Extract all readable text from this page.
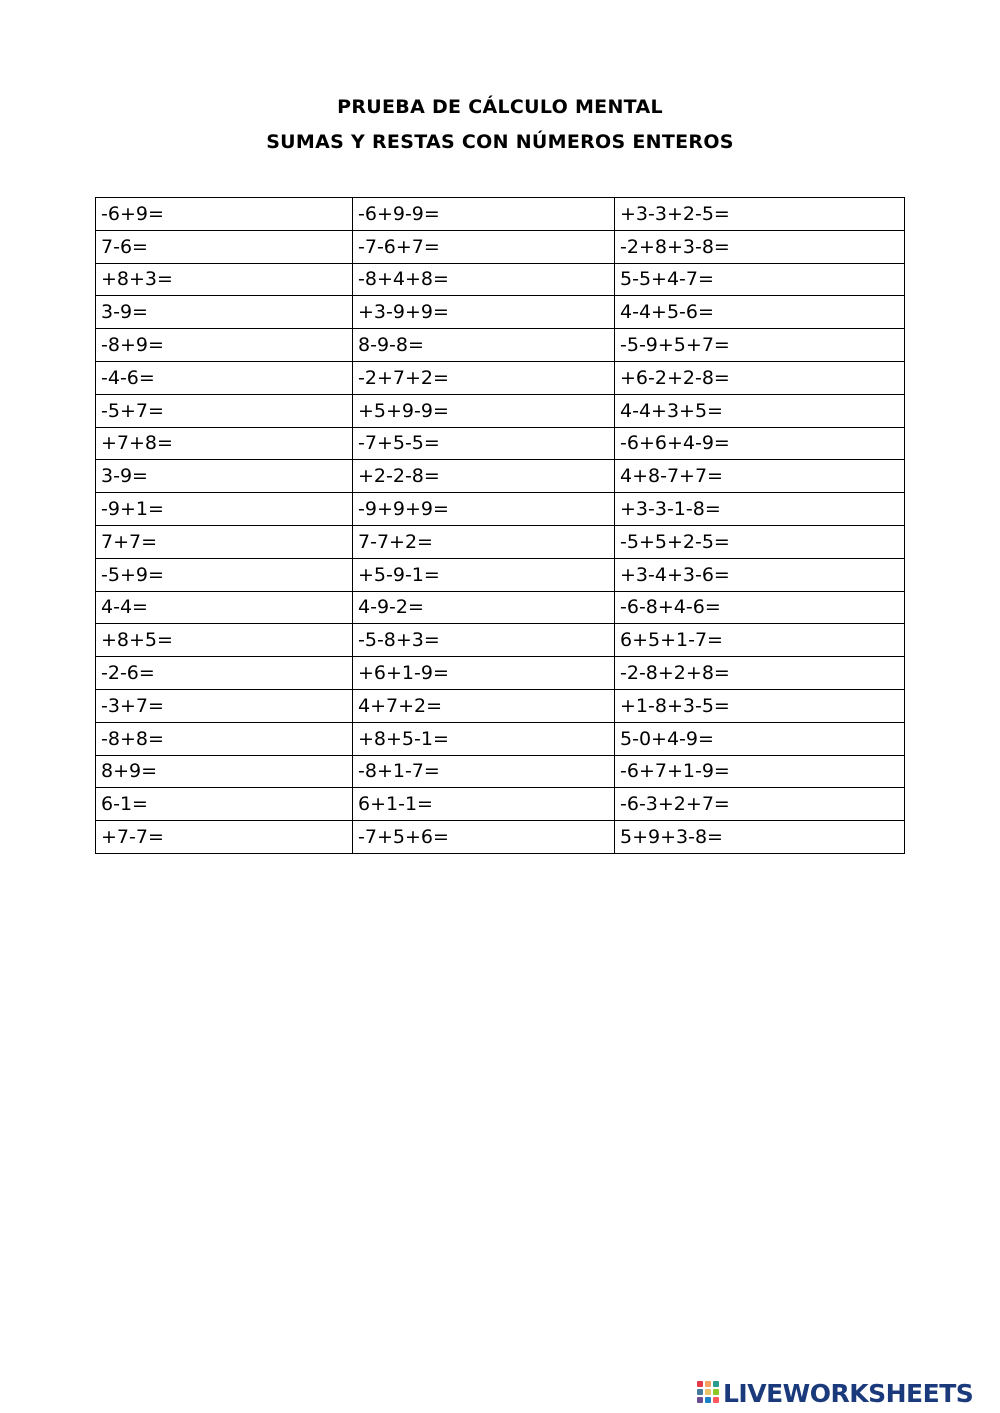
PRUEBA DE CÁLCULO MENTAL
SUMAS Y RESTAS CON NÚMEROS ENTEROS
-6+9=	-6+9-9=	+3-3+2-5=
7-6=	-7-6+7=	-2+8+3-8=
+8+3=	-8+4+8=	5-5+4-7=
3-9=	+3-9+9=	4-4+5-6=
-8+9=	8-9-8=	-5-9+5+7=
-4-6=	-2+7+2=	+6-2+2-8=
-5+7=	+5+9-9=	4-4+3+5=
+7+8=	-7+5-5=	-6+6+4-9=
3-9=	+2-2-8=	4+8-7+7=
-9+1=	-9+9+9=	+3-3-1-8=
7+7=	7-7+2=	-5+5+2-5=
-5+9=	+5-9-1=	+3-4+3-6=
4-4=	4-9-2=	-6-8+4-6=
+8+5=	-5-8+3=	6+5+1-7=
-2-6=	+6+1-9=	-2-8+2+8=
-3+7=	4+7+2=	+1-8+3-5=
-8+8=	+8+5-1=	5-0+4-9=
8+9=	-8+1-7=	-6+7+1-9=
6-1=	6+1-1=	-6-3+2+7=
+7-7=	-7+5+6=	5+9+3-8=
LIVEWORKSHEETS
